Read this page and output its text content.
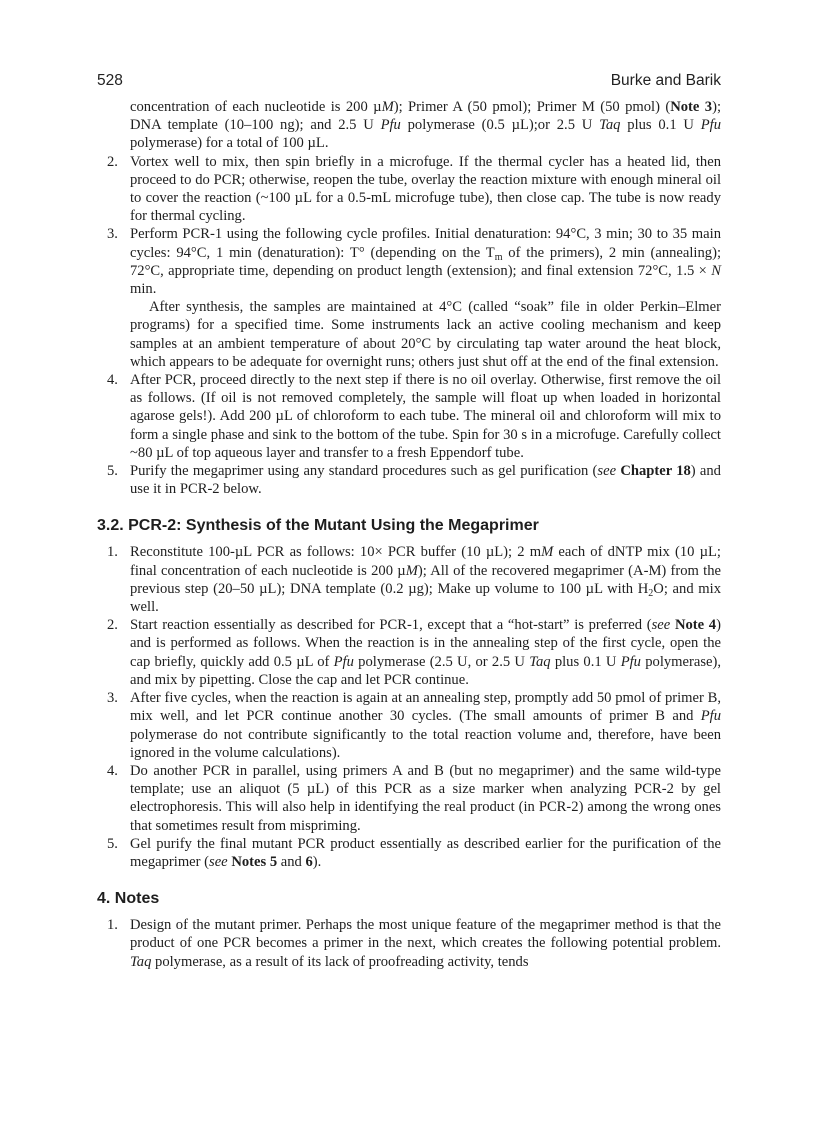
528	Burke and Barik
concentration of each nucleotide is 200 µM); Primer A (50 pmol); Primer M (50 pmol) (Note 3); DNA template (10–100 ng); and 2.5 U Pfu polymerase (0.5 µL);or 2.5 U Taq plus 0.1 U Pfu polymerase) for a total of 100 µL.
2. Vortex well to mix, then spin briefly in a microfuge. If the thermal cycler has a heated lid, then proceed to do PCR; otherwise, reopen the tube, overlay the reaction mixture with enough mineral oil to cover the reaction (~100 µL for a 0.5-mL microfuge tube), then close cap. The tube is now ready for thermal cycling.
3. Perform PCR-1 using the following cycle profiles. Initial denaturation: 94°C, 3 min; 30 to 35 main cycles: 94°C, 1 min (denaturation): T° (depending on the $T_m$ of the primers), 2 min (annealing); 72°C, appropriate time, depending on product length (extension); and final extension 72°C, 1.5 × N min.
After synthesis, the samples are maintained at 4°C (called “soak” file in older Perkin–Elmer programs) for a specified time. Some instruments lack an active cooling mechanism and keep samples at an ambient temperature of about 20°C by circulating tap water around the heat block, which appears to be adequate for overnight runs; others just shut off at the end of the final extension.
4. After PCR, proceed directly to the next step if there is no oil overlay. Otherwise, first remove the oil as follows. (If oil is not removed completely, the sample will float up when loaded in horizontal agarose gels!). Add 200 µL of chloroform to each tube. The mineral oil and chloroform will mix to form a single phase and sink to the bottom of the tube. Spin for 30 s in a microfuge. Carefully collect ~80 µL of top aqueous layer and transfer to a fresh Eppendorf tube.
5. Purify the megaprimer using any standard procedures such as gel purification (see Chapter 18) and use it in PCR-2 below.
3.2. PCR-2: Synthesis of the Mutant Using the Megaprimer
1. Reconstitute 100-µL PCR as follows: 10× PCR buffer (10 µL); 2 mM each of dNTP mix (10 µL; final concentration of each nucleotide is 200 µM); All of the recovered megaprimer (A-M) from the previous step (20–50 µL); DNA template (0.2 µg); Make up volume to 100 µL with $H_2O$; and mix well.
2. Start reaction essentially as described for PCR-1, except that a “hot-start” is preferred (see Note 4) and is performed as follows. When the reaction is in the annealing step of the first cycle, open the cap briefly, quickly add 0.5 µL of Pfu polymerase (2.5 U, or 2.5 U Taq plus 0.1 U Pfu polymerase), and mix by pipetting. Close the cap and let PCR continue.
3. After five cycles, when the reaction is again at an annealing step, promptly add 50 pmol of primer B, mix well, and let PCR continue another 30 cycles. (The small amounts of primer B and Pfu polymerase do not contribute significantly to the total reaction volume and, therefore, have been ignored in the volume calculations).
4. Do another PCR in parallel, using primers A and B (but no megaprimer) and the same wild-type template; use an aliquot (5 µL) of this PCR as a size marker when analyzing PCR-2 by gel electrophoresis. This will also help in identifying the real product (in PCR-2) among the wrong ones that sometimes result from mispriming.
5. Gel purify the final mutant PCR product essentially as described earlier for the purification of the megaprimer (see Notes 5 and 6).
4. Notes
1. Design of the mutant primer. Perhaps the most unique feature of the megaprimer method is that the product of one PCR becomes a primer in the next, which creates the following potential problem. Taq polymerase, as a result of its lack of proofreading activity, tends
